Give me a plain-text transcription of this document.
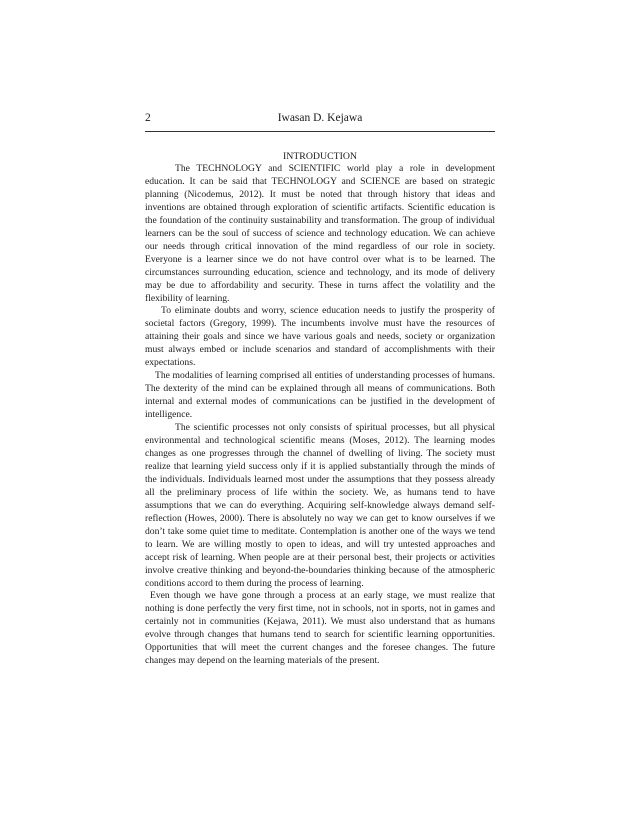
2	Iwasan D. Kejawa
INTRODUCTION

The TECHNOLOGY and SCIENTIFIC world play a role in development education. It can be said that TECHNOLOGY and SCIENCE are based on strategic planning (Nicodemus, 2012). It must be noted that through history that ideas and inventions are obtained through exploration of scientific artifacts. Scientific education is the foundation of the continuity sustainability and transformation. The group of individual learners can be the soul of success of science and technology education. We can achieve our needs through critical innovation of the mind regardless of our role in society. Everyone is a learner since we do not have control over what is to be learned. The circumstances surrounding education, science and technology, and its mode of delivery may be due to affordability and security. These in turns affect the volatility and the flexibility of learning.

To eliminate doubts and worry, science education needs to justify the prosperity of societal factors (Gregory, 1999). The incumbents involve must have the resources of attaining their goals and since we have various goals and needs, society or organization must always embed or include scenarios and standard of accomplishments with their expectations.

The modalities of learning comprised all entities of understanding processes of humans. The dexterity of the mind can be explained through all means of communications. Both internal and external modes of communications can be justified in the development of intelligence.

The scientific processes not only consists of spiritual processes, but all physical environmental and technological scientific means (Moses, 2012). The learning modes changes as one progresses through the channel of dwelling of living. The society must realize that learning yield success only if it is applied substantially through the minds of the individuals. Individuals learned most under the assumptions that they possess already all the preliminary process of life within the society. We, as humans tend to have assumptions that we can do everything. Acquiring self-knowledge always demand self-reflection (Howes, 2000). There is absolutely no way we can get to know ourselves if we don’t take some quiet time to meditate. Contemplation is another one of the ways we tend to learn. We are willing mostly to open to ideas, and will try untested approaches and accept risk of learning. When people are at their personal best, their projects or activities involve creative thinking and beyond-the-boundaries thinking because of the atmospheric conditions accord to them during the process of learning.

Even though we have gone through a process at an early stage, we must realize that nothing is done perfectly the very first time, not in schools, not in sports, not in games and certainly not in communities (Kejawa, 2011). We must also understand that as humans evolve through changes that humans tend to search for scientific learning opportunities. Opportunities that will meet the current changes and the foresee changes. The future changes may depend on the learning materials of the present.
